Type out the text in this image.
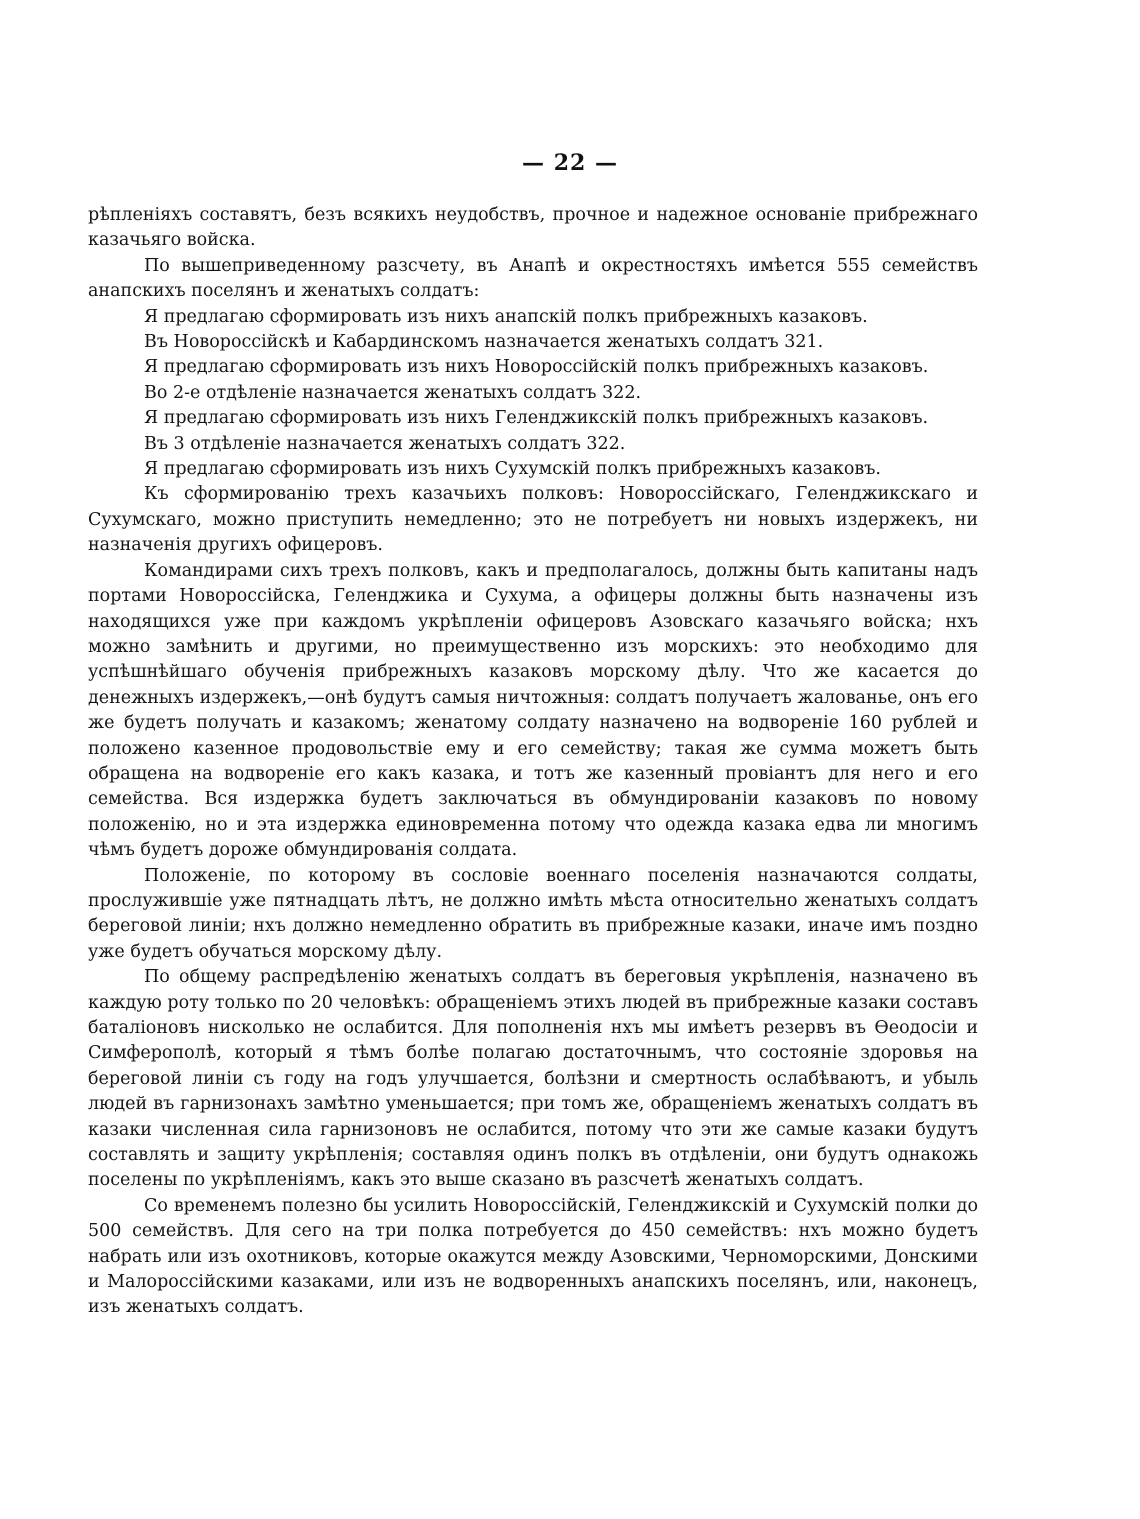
— 22 —

рѣпленіяхъ составятъ, безъ всякихъ неудобствъ, прочное и надежное основаніе прибрежнаго казачьяго войска.

По вышеприведенному разсчету, въ Анапѣ и окрестностяхъ имѣется 555 семействъ анапскихъ поселянъ и женатыхъ солдатъ:

Я предлагаю сформировать изъ нихъ анапскій полкъ прибрежныхъ казаковъ.

Въ Новороссійскѣ и Кабардинскомъ назначается женатыхъ солдатъ 321.

Я предлагаю сформировать изъ нихъ Новороссійскій полкъ прибрежныхъ казаковъ.

Во 2-е отдѣленіе назначается женатыхъ солдатъ 322.

Я предлагаю сформировать изъ нихъ Геленджикскій полкъ прибрежныхъ казаковъ.

Въ 3 отдѣленіе назначается женатыхъ солдатъ 322.

Я предлагаю сформировать изъ нихъ Сухумскій полкъ прибрежныхъ казаковъ.

Къ сформированію трехъ казачьихъ полковъ: Новороссійскаго, Геленджикскаго и Сухумскаго, можно приступить немедленно; это не потребуетъ ни новыхъ издержекъ, ни назначенія другихъ офицеровъ.

Командирами сихъ трехъ полковъ, какъ и предполагалось, должны быть капитаны надъ портами Новороссійска, Геленджика и Сухума, а офицеры должны быть назначены изъ находящихся уже при каждомъ укрѣпленіи офицеровъ Азовскаго казачьяго войска; нхъ можно замѣнить и другими, но преимущественно изъ морскихъ: это необходимо для успѣшнѣйшаго обученія прибрежныхъ казаковъ морскому дѣлу. Что же касается до денежныхъ издержекъ,—онѣ будутъ самыя ничтожныя: солдатъ получаетъ жалованье, онъ его же будетъ получать и казакомъ; женатому солдату назначено на водвореніе 160 рублей и положено казенное продовольствіе ему и его семейству; такая же сумма можетъ быть обращена на водвореніе его какъ казака, и тотъ же казенный провіантъ для него и его семейства. Вся издержка будетъ заключаться въ обмундированіи казаковъ по новому положенію, но и эта издержка единовременна потому что одежда казака едва ли многимъ чѣмъ будетъ дороже обмундированія солдата.

Положеніе, по которому въ сословіе военнаго поселенія назначаются солдаты, прослужившіе уже пятнадцать лѣтъ, не должно имѣть мѣста относительно женатыхъ солдатъ береговой линіи; нхъ должно немедленно обратить въ прибрежные казаки, иначе имъ поздно уже будетъ обучаться морскому дѣлу.

По общему распредѣленію женатыхъ солдатъ въ береговыя укрѣпленія, назначено въ каждую роту только по 20 человѣкъ: обращеніемъ этихъ людей въ прибрежные казаки составъ баталіоновъ нисколько не ослабится. Для пополненія нхъ мы имѣетъ резервъ въ Ѳеодосіи и Симферополѣ, который я тѣмъ болѣе полагаю достаточнымъ, что состояніе здоровья на береговой линіи съ году на годъ улучшается, болѣзни и смертность ослабѣваютъ, и убыль людей въ гарнизонахъ замѣтно уменьшается; при томъ же, обращеніемъ женатыхъ солдатъ въ казаки численная сила гарнизоновъ не ослабится, потому что эти же самые казаки будутъ составлять и защиту укрѣпленія; составляя одинъ полкъ въ отдѣленіи, они будутъ однакожь поселены по укрѣпленіямъ, какъ это выше сказано въ разсчетѣ женатыхъ солдатъ.

Со временемъ полезно бы усилить Новороссійскій, Геленджикскій и Сухумскій полки до 500 семействъ. Для сего на три полка потребуется до 450 семействъ: нхъ можно будетъ набрать или изъ охотниковъ, которые окажутся между Азовскими, Черноморскими, Донскими и Малороссійскими казаками, или изъ не водворенныхъ анапскихъ поселянъ, или, наконецъ, изъ женатыхъ солдатъ.
